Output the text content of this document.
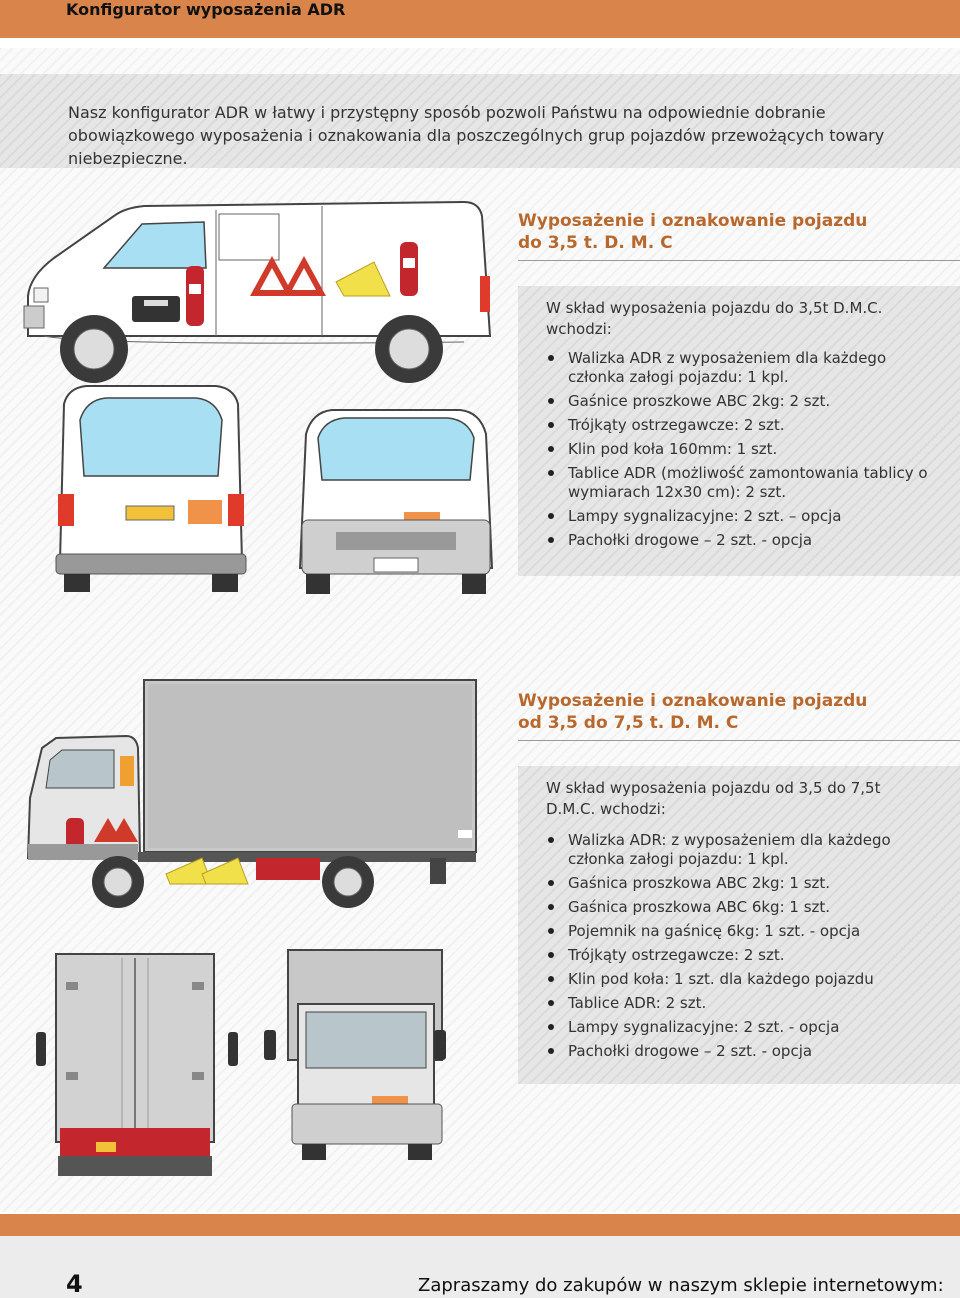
Konfigurator wyposażenia ADR

Nasz konfigurator ADR w łatwy i przystępny sposób pozwoli Państwu na odpowiednie dobranie obowiązkowego wyposażenia i oznakowania dla poszczególnych grup pojazdów przewożących towary niebezpieczne.

Wyposażenie i oznakowanie pojazdu
do 3,5 t. D. M. C

W skład wyposażenia pojazdu do 3,5t D.M.C. wchodzi:

Walizka ADR z wyposażeniem dla każdego członka załogi pojazdu: 1 kpl.
Gaśnice proszkowe ABC 2kg: 2 szt.
Trójkąty ostrzegawcze: 2 szt.
Klin pod koła 160mm: 1 szt.
Tablice ADR (możliwość zamontowania tablicy o wymiarach 12x30 cm): 2 szt.
Lampy sygnalizacyjne: 2 szt. – opcja
Pachołki drogowe – 2 szt. - opcja
Wyposażenie i oznakowanie pojazdu
od 3,5 do 7,5 t. D. M. C

W skład wyposażenia pojazdu od 3,5 do 7,5t D.M.C. wchodzi:

Walizka ADR: z wyposażeniem dla każdego członka załogi pojazdu: 1 kpl.
Gaśnica proszkowa ABC 2kg: 1 szt.
Gaśnica proszkowa ABC 6kg: 1 szt.
Pojemnik na gaśnicę 6kg: 1 szt. - opcja
Trójkąty ostrzegawcze: 2 szt.
Klin pod koła: 1 szt. dla każdego pojazdu
Tablice ADR: 2 szt.
Lampy sygnalizacyjne: 2 szt. - opcja
Pachołki drogowe – 2 szt. - opcja
4	Zapraszamy do zakupów w naszym sklepie internetowym:
